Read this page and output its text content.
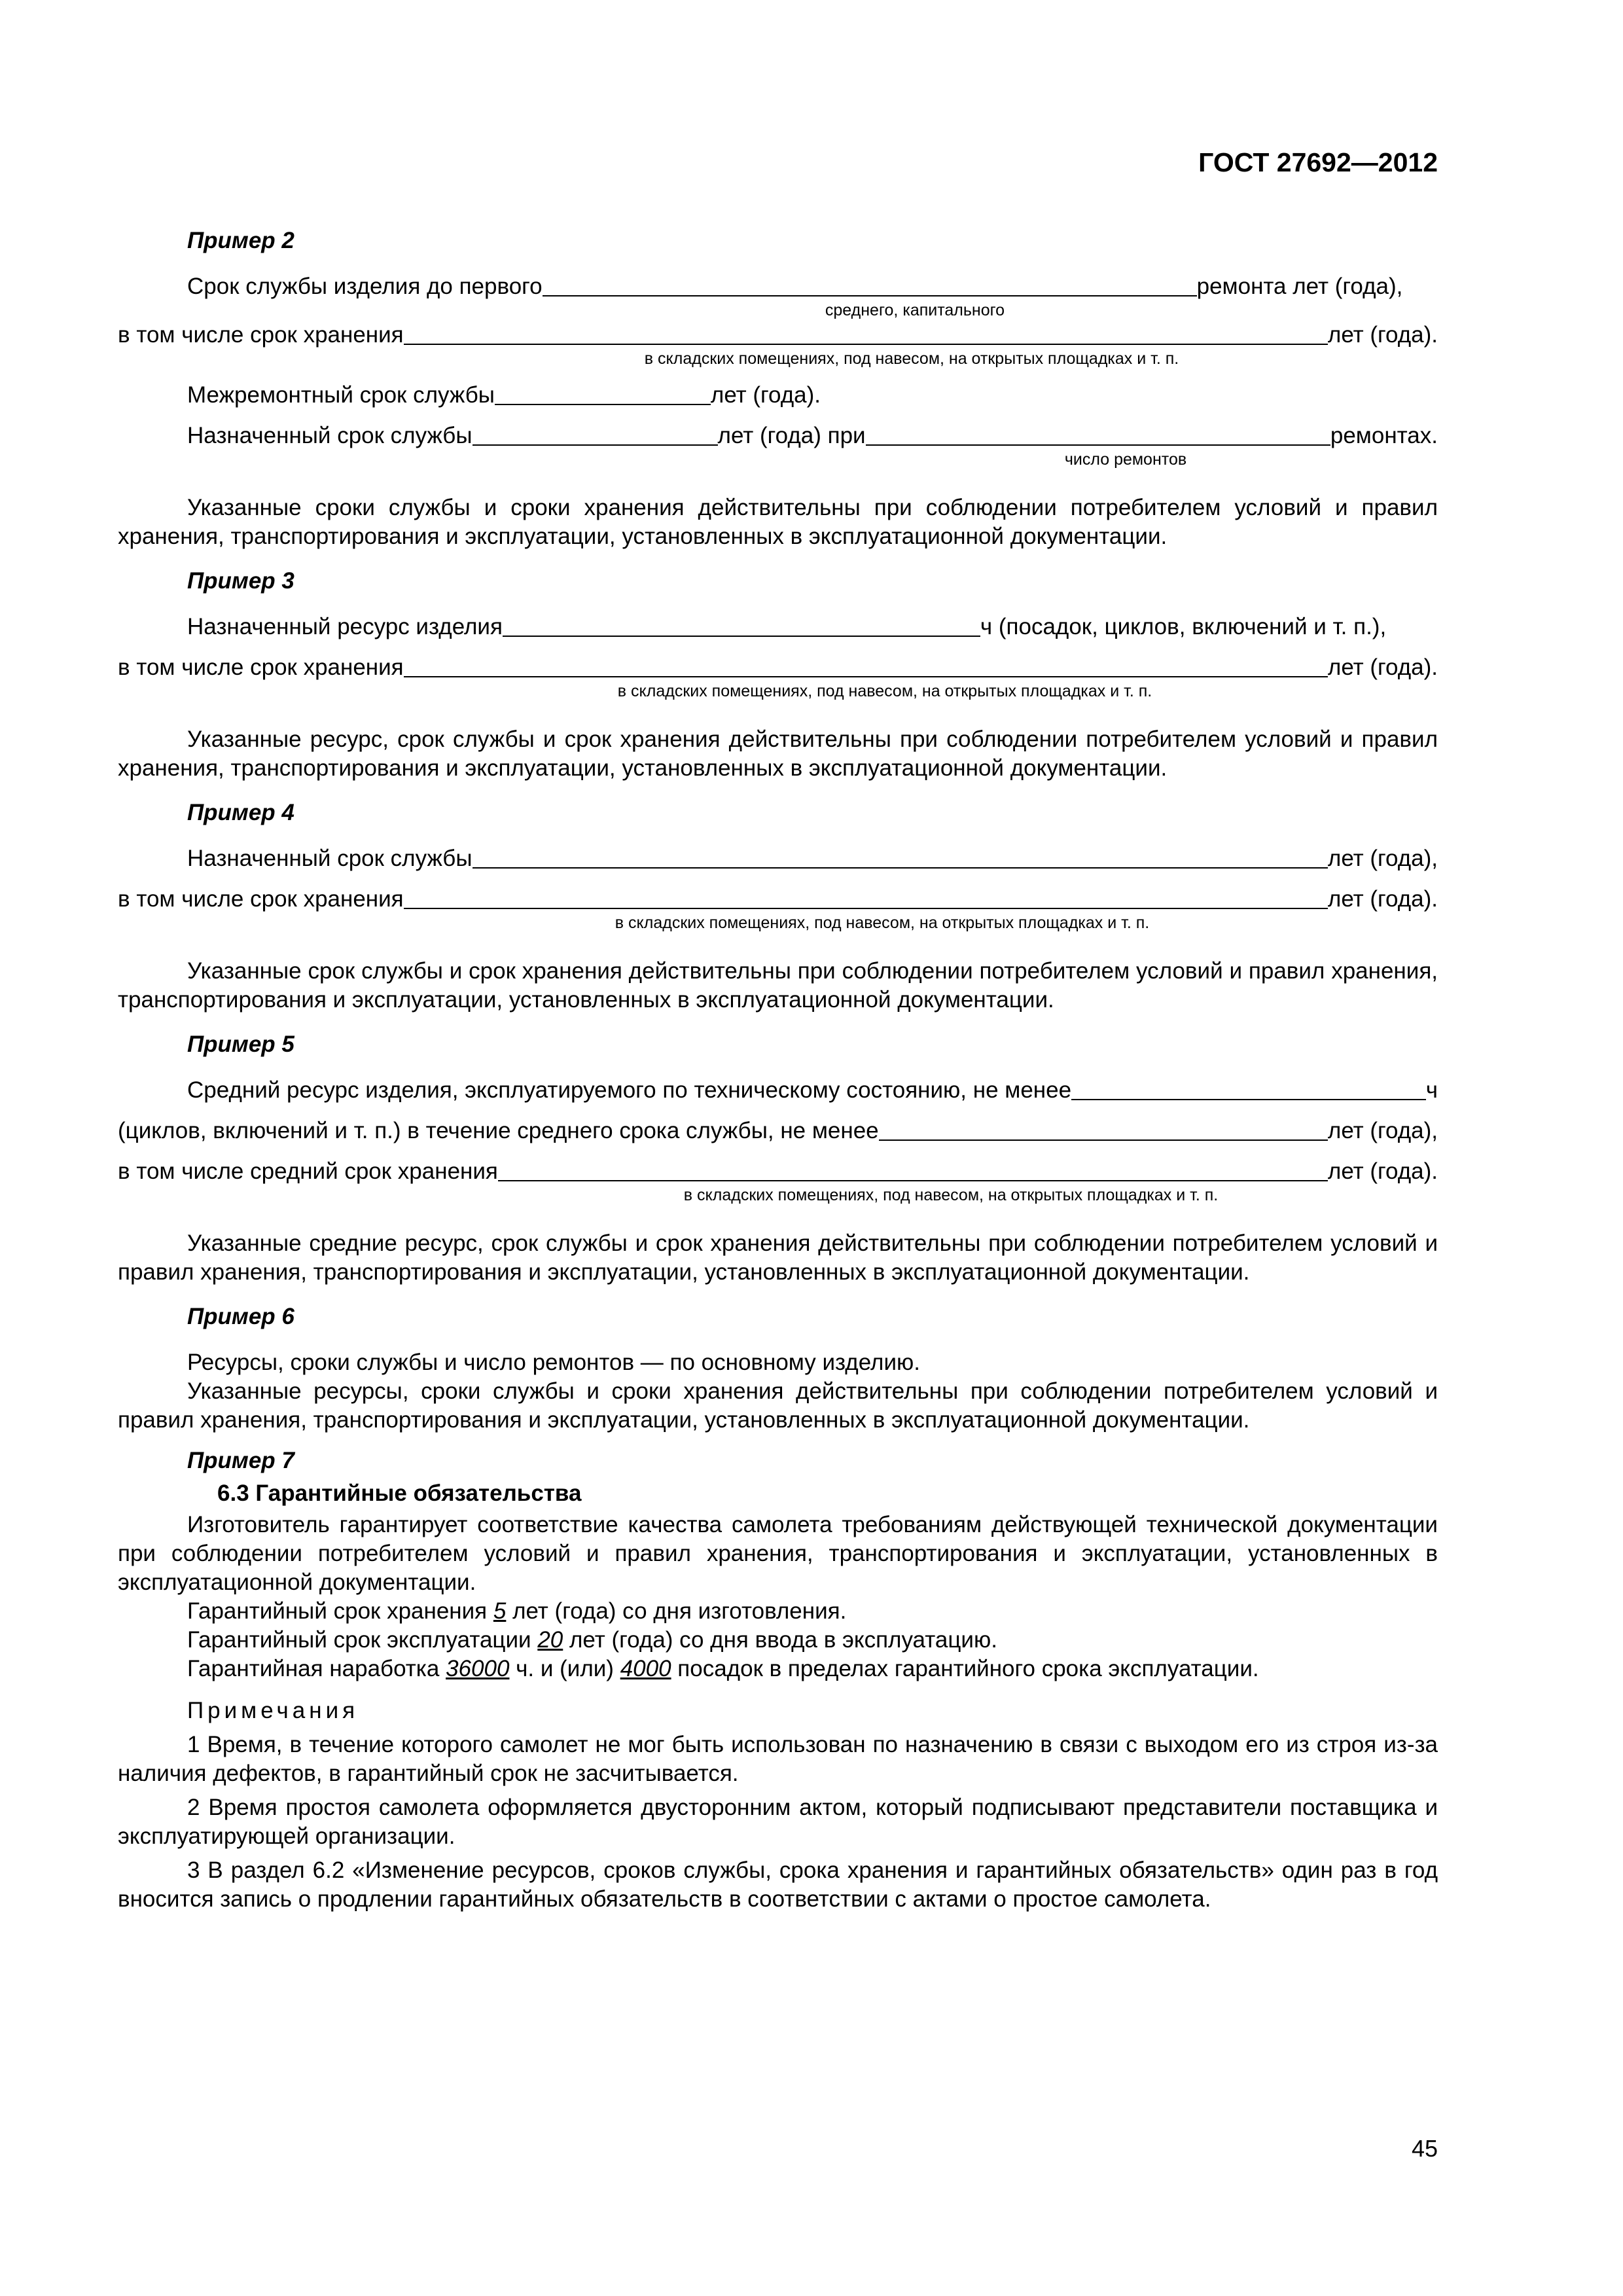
ГОСТ 27692—2012
Пример 2
Срок службы изделия до первого	ремонта лет (года),
среднего, капитального
в том числе срок хранения	лет (года).
в складских помещениях, под навесом, на открытых площадках и т. п.
Межремонтный срок службы	лет (года).
Назначенный срок службы	лет (года) при	ремонтах.
число ремонтов

Указанные сроки службы и сроки хранения действительны при соблюдении потребителем условий и правил хранения, транспортирования и эксплуатации, установленных в эксплуатационной документации.

Пример 3
Назначенный ресурс изделия	ч (посадок, циклов, включений и т. п.),
в том числе срок хранения	лет (года).
в складских помещениях, под навесом, на открытых площадках и т. п.

Указанные ресурс, срок службы и срок хранения действительны при соблюдении потребителем условий и правил хранения, транспортирования и эксплуатации, установленных в эксплуатационной документации.

Пример 4
Назначенный срок службы	лет (года),
в том числе срок хранения	лет (года).
в складских помещениях, под навесом, на открытых площадках и т. п.

Указанные срок службы и срок хранения действительны при соблюдении потребителем условий и правил хранения, транспортирования и эксплуатации, установленных в эксплуатационной документации.

Пример 5
Средний ресурс изделия, эксплуатируемого по техническому состоянию, не менее	ч
(циклов, включений и т. п.) в течение среднего срока службы, не менее	лет (года),
в том числе средний срок хранения	лет (года).
в складских помещениях, под навесом, на открытых площадках и т. п.

Указанные средние ресурс, срок службы и срок хранения действительны при соблюдении потребителем условий и правил хранения, транспортирования и эксплуатации, установленных в эксплуатационной документации.

Пример 6

Ресурсы, сроки службы и число ремонтов — по основному изделию.

Указанные ресурсы, сроки службы и сроки хранения действительны при соблюдении потребителем условий и правил хранения, транспортирования и эксплуатации, установленных в эксплуатационной документации.

Пример 7
6.3 Гарантийные обязательства

Изготовитель гарантирует соответствие качества самолета требованиям действующей технической документации при соблюдении потребителем условий и правил хранения, транспортирования и эксплуатации, установленных в эксплуатационной документации.

Гарантийный срок хранения 5 лет (года) со дня изготовления.

Гарантийный срок эксплуатации 20 лет (года) со дня ввода в эксплуатацию.

Гарантийная наработка 36000 ч. и (или) 4000 посадок в пределах гарантийного срока эксплуатации.

Примечания

1 Время, в течение которого самолет не мог быть использован по назначению в связи с выходом его из строя из-за наличия дефектов, в гарантийный срок не засчитывается.

2 Время простоя самолета оформляется двусторонним актом, который подписывают представители поставщика и эксплуатирующей организации.

3 В раздел 6.2 «Изменение ресурсов, сроков службы, срока хранения и гарантийных обязательств» один раз в год вносится запись о продлении гарантийных обязательств в соответствии с актами о простое самолета.

45
